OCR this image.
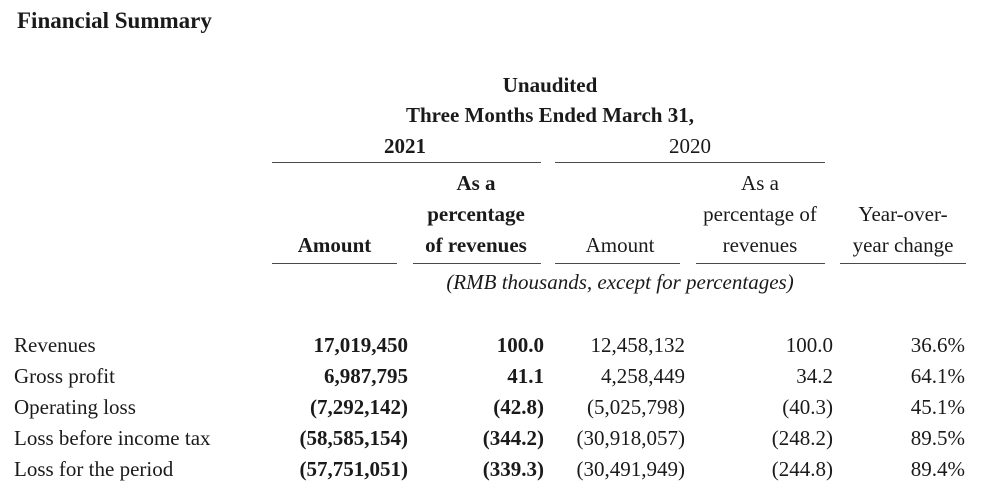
Financial Summary
Unaudited
Three Months Ended March 31,
2021	2020
Amount
As a
percentage
of revenues	Amount
As a
percentage of
revenues
Year-over-
year change
(RMB thousands, except for percentages)
Revenues	17,019,450	100.0 12,458,132	100.0	36.6%
Gross profit	6,987,795	41.1	4,258,449	34.2	64.1%
Operating loss	(7,292,142)	(42.8) (5,025,798)	(40.3)	45.1%
Loss before income tax	(58,585,154)	(344.2) (30,918,057)	(248.2)	89.5%
Loss for the period	(57,751,051)	(339.3) (30,491,949)	(244.8)	89.4%
